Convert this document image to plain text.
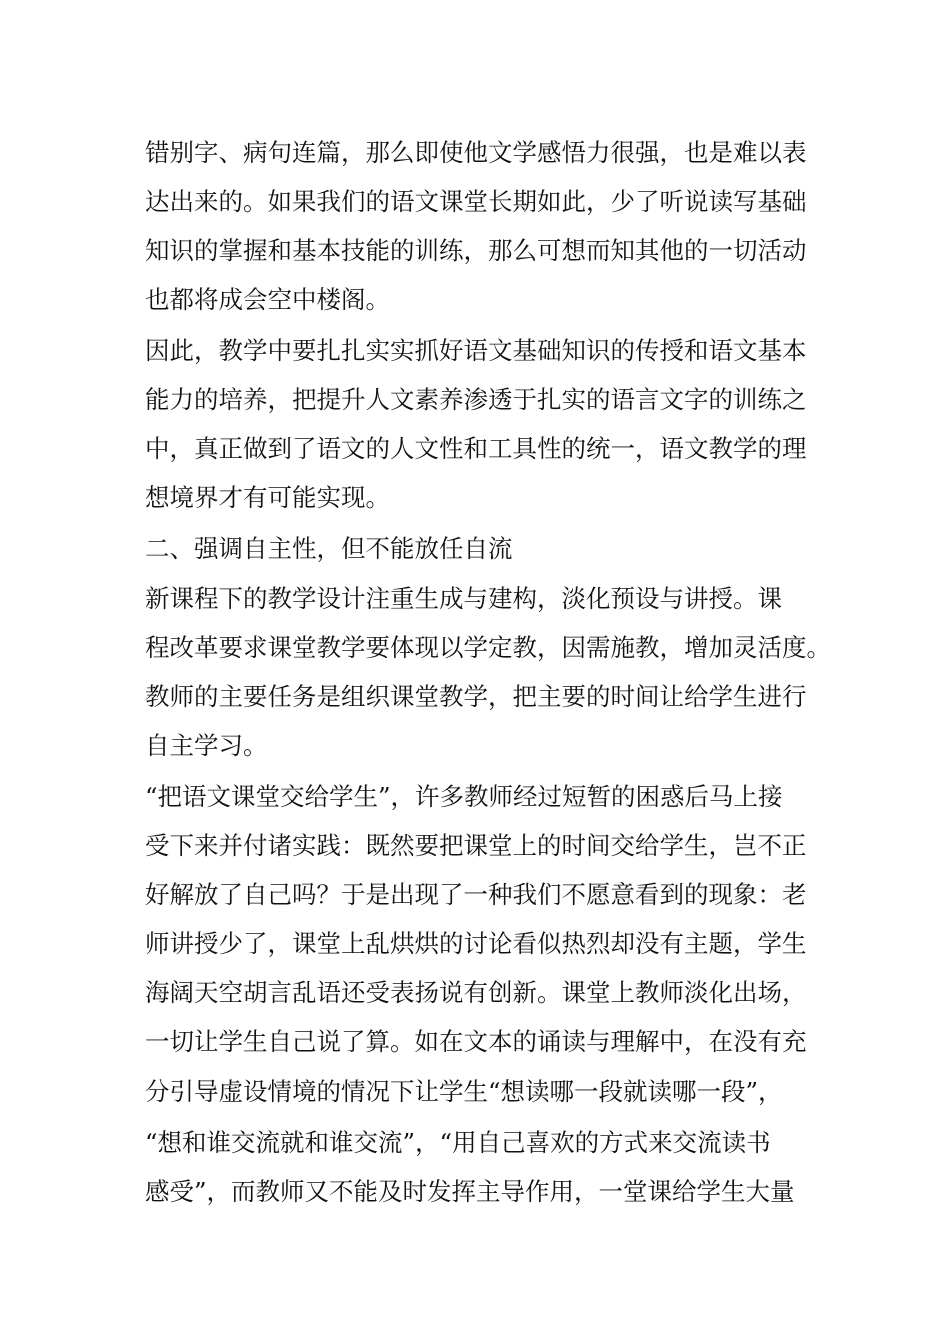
错别字、病句连篇，那么即使他文学感悟力很强，也是难以表

达出来的。如果我们的语文课堂长期如此，少了听说读写基础

知识的掌握和基本技能的训练，那么可想而知其他的一切活动

也都将成会空中楼阁。

因此，教学中要扎扎实实抓好语文基础知识的传授和语文基本

能力的培养，把提升人文素养渗透于扎实的语言文字的训练之

中，真正做到了语文的人文性和工具性的统一，语文教学的理

想境界才有可能实现。

二、强调自主性，但不能放任自流

新课程下的教学设计注重生成与建构，淡化预设与讲授。课

程改革要求课堂教学要体现以学定教，因需施教，增加灵活度。

教师的主要任务是组织课堂教学，把主要的时间让给学生进行

自主学习。

“把语文课堂交给学生”，许多教师经过短暂的困惑后马上接

受下来并付诸实践：既然要把课堂上的时间交给学生，岂不正

好解放了自己吗？于是出现了一种我们不愿意看到的现象：老

师讲授少了，课堂上乱烘烘的讨论看似热烈却没有主题，学生

海阔天空胡言乱语还受表扬说有创新。课堂上教师淡化出场，

一切让学生自己说了算。如在文本的诵读与理解中，在没有充

分引导虚设情境的情况下让学生“想读哪一段就读哪一段”，

“想和谁交流就和谁交流”，“用自己喜欢的方式来交流读书

感受”，而教师又不能及时发挥主导作用，一堂课给学生大量
